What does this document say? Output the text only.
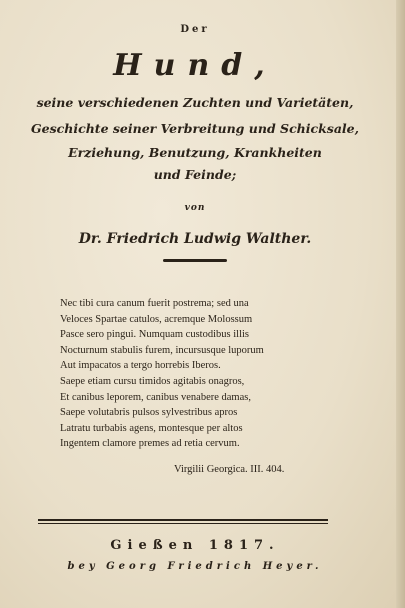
Der
Hund,
seine verschiedenen Zuchten und Varietäten,
Geschichte seiner Verbreitung und Schicksale,
Erziehung, Benutzung, Krankheiten
und Feinde;
von
Dr. Friedrich Ludwig Walther.
Nec tibi cura canum fuerit postrema; sed una
Veloces Spartae catulos, acremque Molossum
Pasce sero pingui. Numquam custodibus illis
Nocturnum stabulis furem, incursusque luporum
Aut impacatos a tergo horrebis Iberos.
Saepe etiam cursu timidos agitabis onagros,
Et canibus leporem, canibus venabere damas,
Saepe volutabris pulsos sylvestribus apros
Latratu turbabis agens, montesque per altos
Ingentem clamore premes ad retia cervum.
Virgilii Georgica. III. 404.
Gießen 1817.
bey Georg Friedrich Heyer.
